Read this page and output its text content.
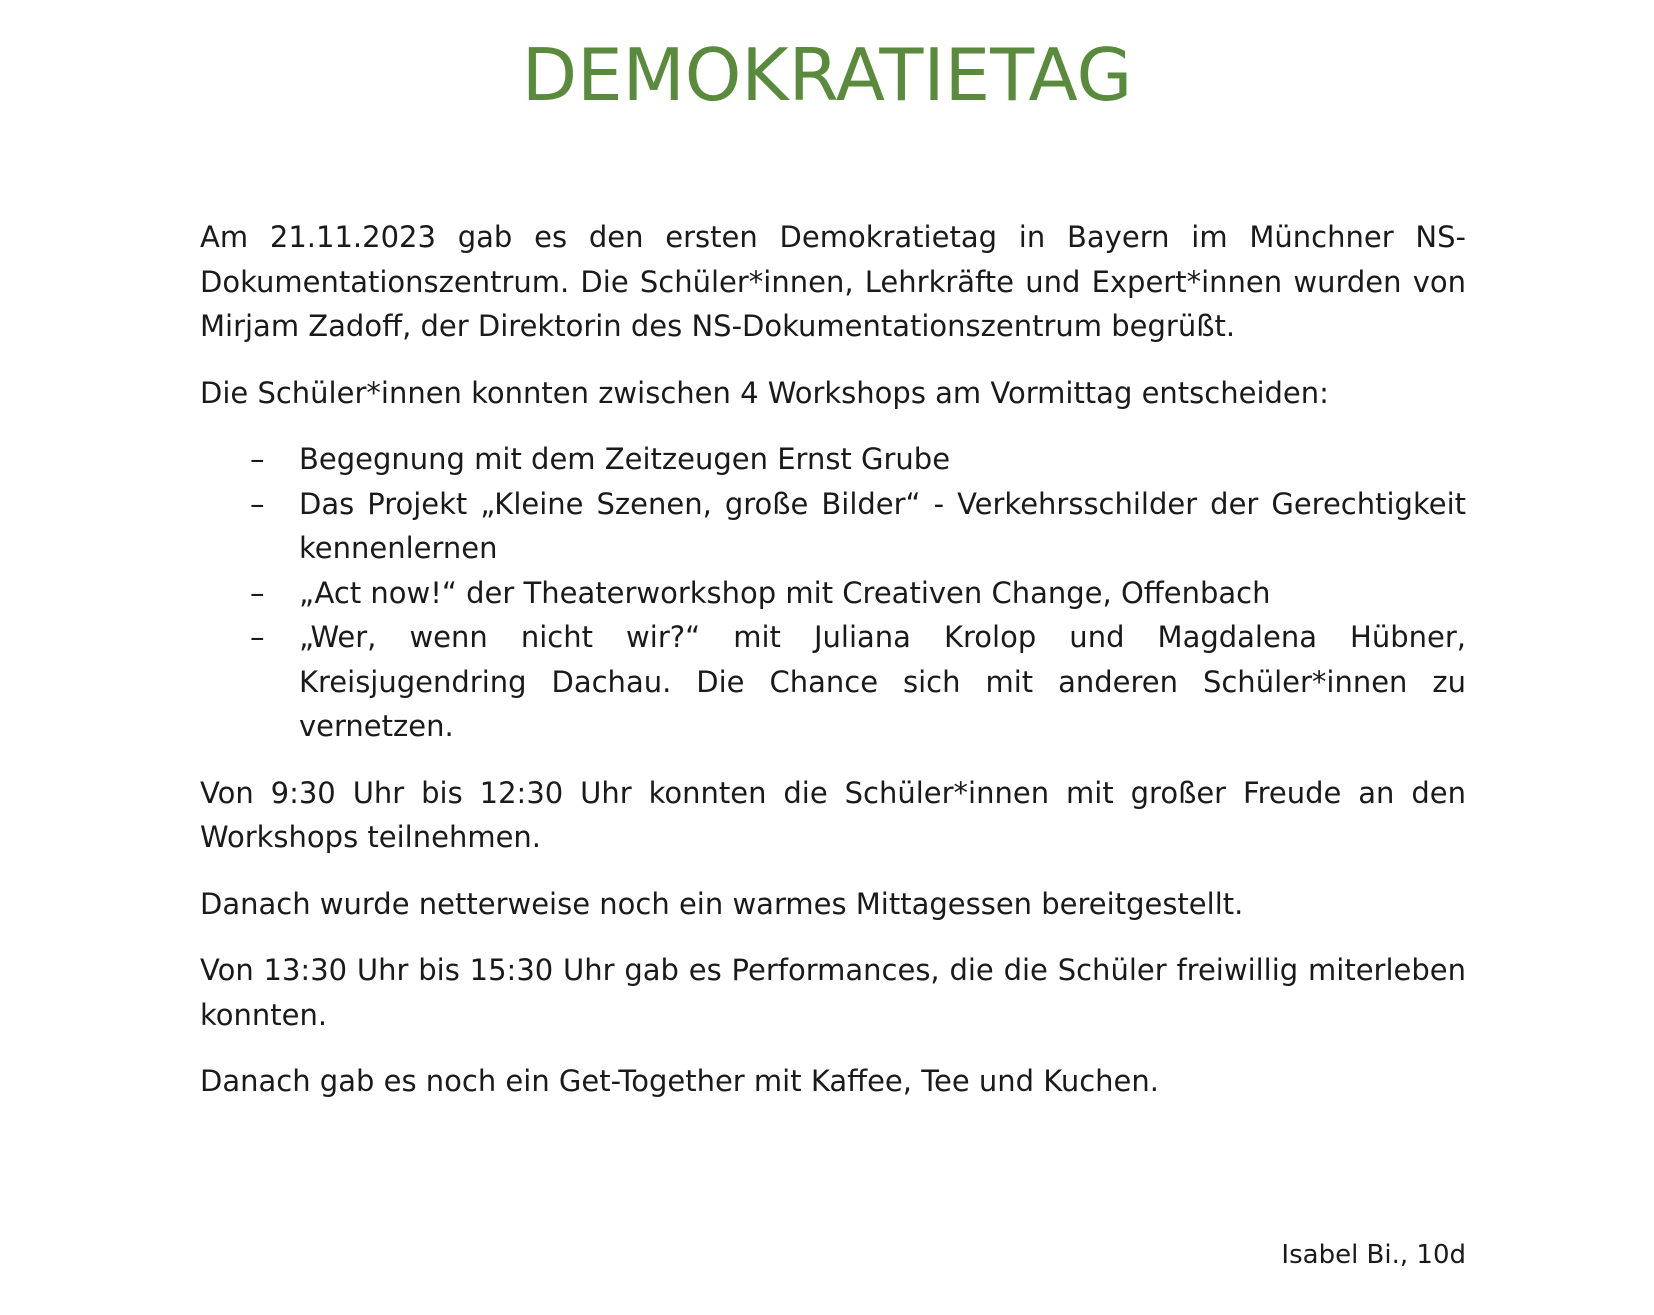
DEMOKRATIETAG

Am 21.11.2023 gab es den ersten Demokratietag in Bayern im Münchner NS-Dokumentationszentrum. Die Schüler*innen, Lehrkräfte und Expert*innen wurden von Mirjam Zadoff, der Direktorin des NS-Dokumentationszentrum begrüßt.

Die Schüler*innen konnten zwischen 4 Workshops am Vormittag entscheiden:

– Begegnung mit dem Zeitzeugen Ernst Grube
– Das Projekt „Kleine Szenen, große Bilder“ - Verkehrsschilder der Gerechtigkeit kennenlernen
– „Act now!“ der Theaterworkshop mit Creativen Change, Offenbach
– „Wer, wenn nicht wir?“ mit Juliana Krolop und Magdalena Hübner, Kreisjugendring Dachau. Die Chance sich mit anderen Schüler*innen zu vernetzen.

Von 9:30 Uhr bis 12:30 Uhr konnten die Schüler*innen mit großer Freude an den Workshops teilnehmen.

Danach wurde netterweise noch ein warmes Mittagessen bereitgestellt.

Von 13:30 Uhr bis 15:30 Uhr gab es Performances, die die Schüler freiwillig miterleben konnten.

Danach gab es noch ein Get-Together mit Kaffee, Tee und Kuchen.

Isabel Bi., 10d
